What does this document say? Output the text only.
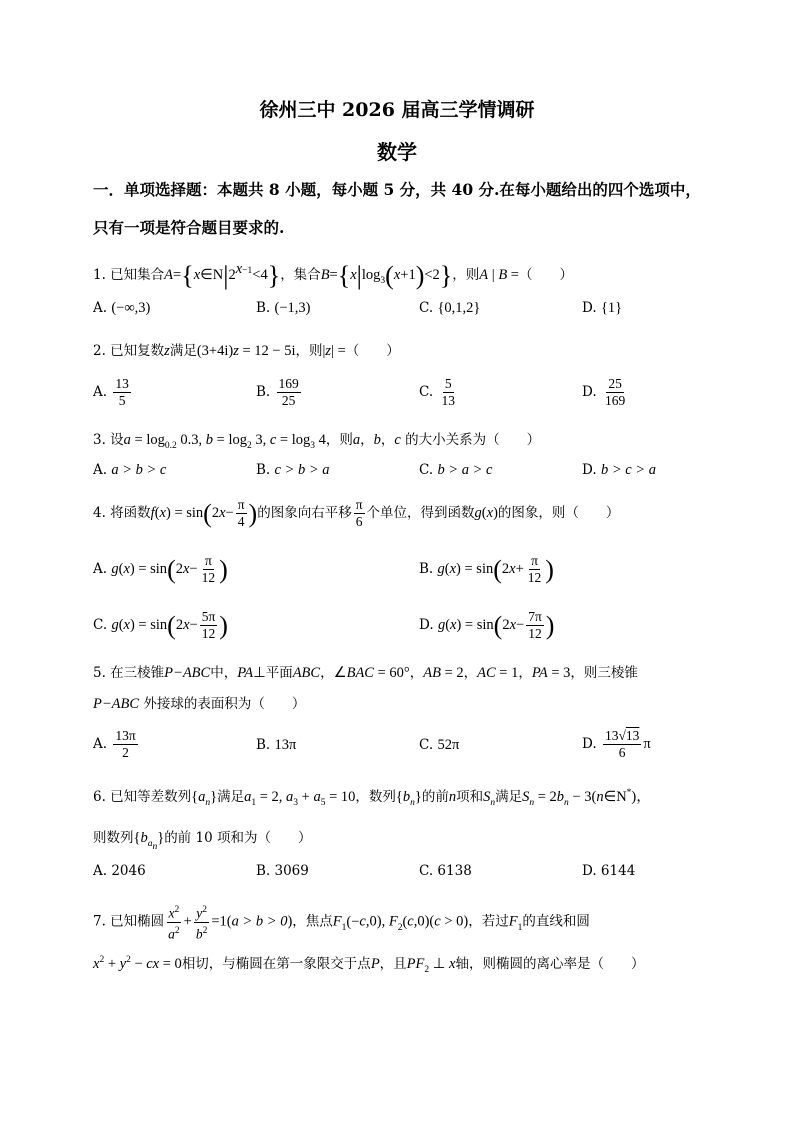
徐州三中 2026 届高三学情调研
数学
一．单项选择题：本题共 8 小题，每小题 5 分，共 40 分.在每小题给出的四个选项中，
只有一项是符合题目要求的.
1. 已知集合$A=\{x\in N|2^{x-1}<4\}$，集合$B=\{x|\log_3(x+1)<2\}$，则A | B =（　　）
A. (−∞,3)	B. (−1,3)	C. {0,1,2}	D. {1}
2. 已知复数z满足(3+4i)z = 12 − 5i，则|z| =（　　）
A. $\frac{13}{5}$	B. $\frac{169}{25}$	C. $\frac{5}{13}$	D. $\frac{25}{169}$
3. 设$a = \log_{0.2} 0.3$, $b = \log_2 3$, $c = \log_3 4$，则a，b，c 的大小关系为（　　）
A. a > b > c	B. c > b > a	C. b > a > c	D. b > c > a
4. 将函数$f(x) = \sin(2x- \frac{\pi}{4}$ )的图象向右平移 $\frac{\pi}{6}$ 个单位，得到函数g(x)的图象，则（　　）
A. $g(x) = \sin(2x- \frac{\pi}{12}$ )	B. $g(x) = \sin(2x+ \frac{\pi}{12}$ )
C. $g(x) = \sin(2x- \frac{5\pi}{12}$ )	D. $g(x) = \sin(2x- \frac{7\pi}{12}$ )
5. 在三棱锥P−ABC中，PA⊥平面ABC，∠BAC = 60°，AB = 2，AC = 1，PA = 3，则三棱锥
P−ABC 外接球的表面积为（　　）
A. $\frac{13\pi}{2}$	B. 13π	C. 52π	D. $\frac{13√13}{6}$ π
6. 已知等差数列$\{a_n\}$满足$a_1 = 2$, $a_3 + a_5 = 10$，数列$\{b_n\}$的前n项和$S_n$满足$S_n = 2b_n$ − 3(n∈N*)，
则数列$\{b_{a_n}\}$的前 10 项和为（　　）
A. 2046	B. 3069	C. 6138	D. 6144
7. 已知椭圆 $\frac{x^2}{a^2} + \frac{y^2}{b^2} =1(a > b > 0)$，焦点$F_1(-c,0)$, $F_2(c,0)(c > 0)$，若过$F_1$的直线和圆
$x^2 + y^2$ − cx = 0相切，与椭圆在第一象限交于点P，且$PF_2$ ⊥ x轴，则椭圆的离心率是（　　）
